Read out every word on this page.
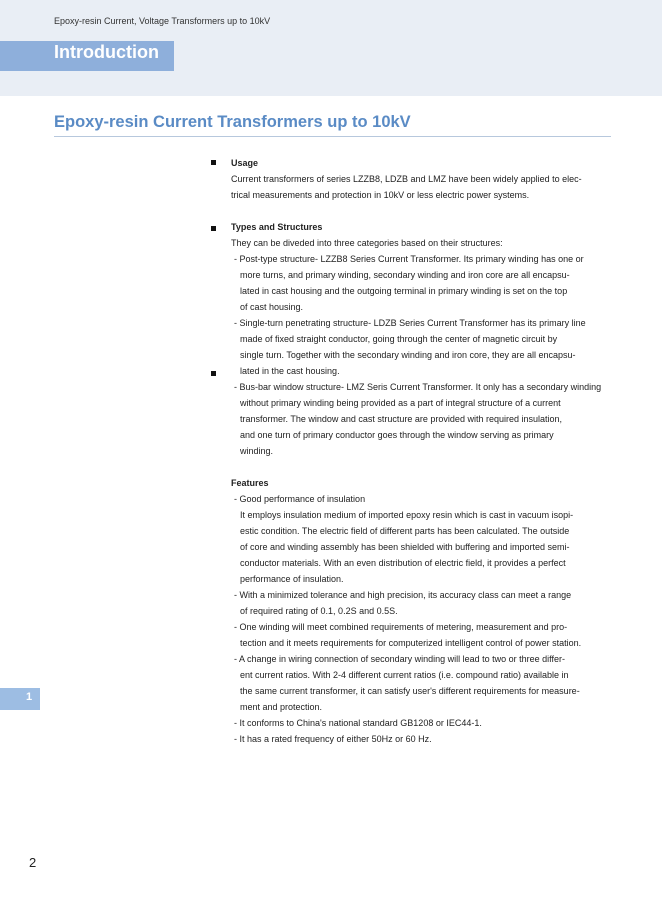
Epoxy-resin Current, Voltage Transformers up to 10kV
Introduction
Epoxy-resin Current Transformers up to 10kV
Usage
Current transformers of series LZZB8, LDZB and LMZ have been widely applied to elec-
trical measurements and protection in 10kV or less electric power systems.
Types and Structures
They can be diveded into three categories based on their structures:
- Post-type structure- LZZB8 Series Current Transformer. Its primary winding has one or
more turns, and primary winding, secondary winding and iron core are all encapsu-
lated in cast housing and the outgoing terminal in primary winding is set on the top
of cast housing.
- Single-turn penetrating structure- LDZB Series Current Transformer has its primary line
made of fixed straight conductor, going through the center of magnetic circuit by
single turn. Together with the secondary winding and iron core, they are all encapsu-
lated in the cast housing.
- Bus-bar window structure- LMZ Seris Current Transformer. It only has a secondary winding
without primary winding being provided as a part of integral structure of a current
transformer. The window and cast structure are provided with required insulation,
and one turn of primary conductor goes through the window serving as primary
winding.
Features
- Good performance of insulation
It employs insulation medium of imported epoxy resin which is cast in vacuum isopi-
estic condition. The electric field of different parts has been calculated. The outside
of core and winding assembly has been shielded with buffering and imported semi-
conductor materials. With an even distribution of electric field, it provides a perfect
performance of insulation.
- With a minimized tolerance and high precision, its accuracy class can meet a range
of required rating of 0.1, 0.2S and 0.5S.
- One winding will meet combined requirements of metering, measurement and pro-
tection and it meets requirements for computerized intelligent control of power station.
- A change in wiring connection of secondary winding will lead to two or three differ-
ent current ratios. With 2-4 different current ratios (i.e. compound ratio) available in
the same current transformer, it can satisfy user's different requirements for measure-
ment and protection.
- It conforms to China's national standard GB1208 or IEC44-1.
- It has a rated frequency of either 50Hz or 60 Hz.
1
2
